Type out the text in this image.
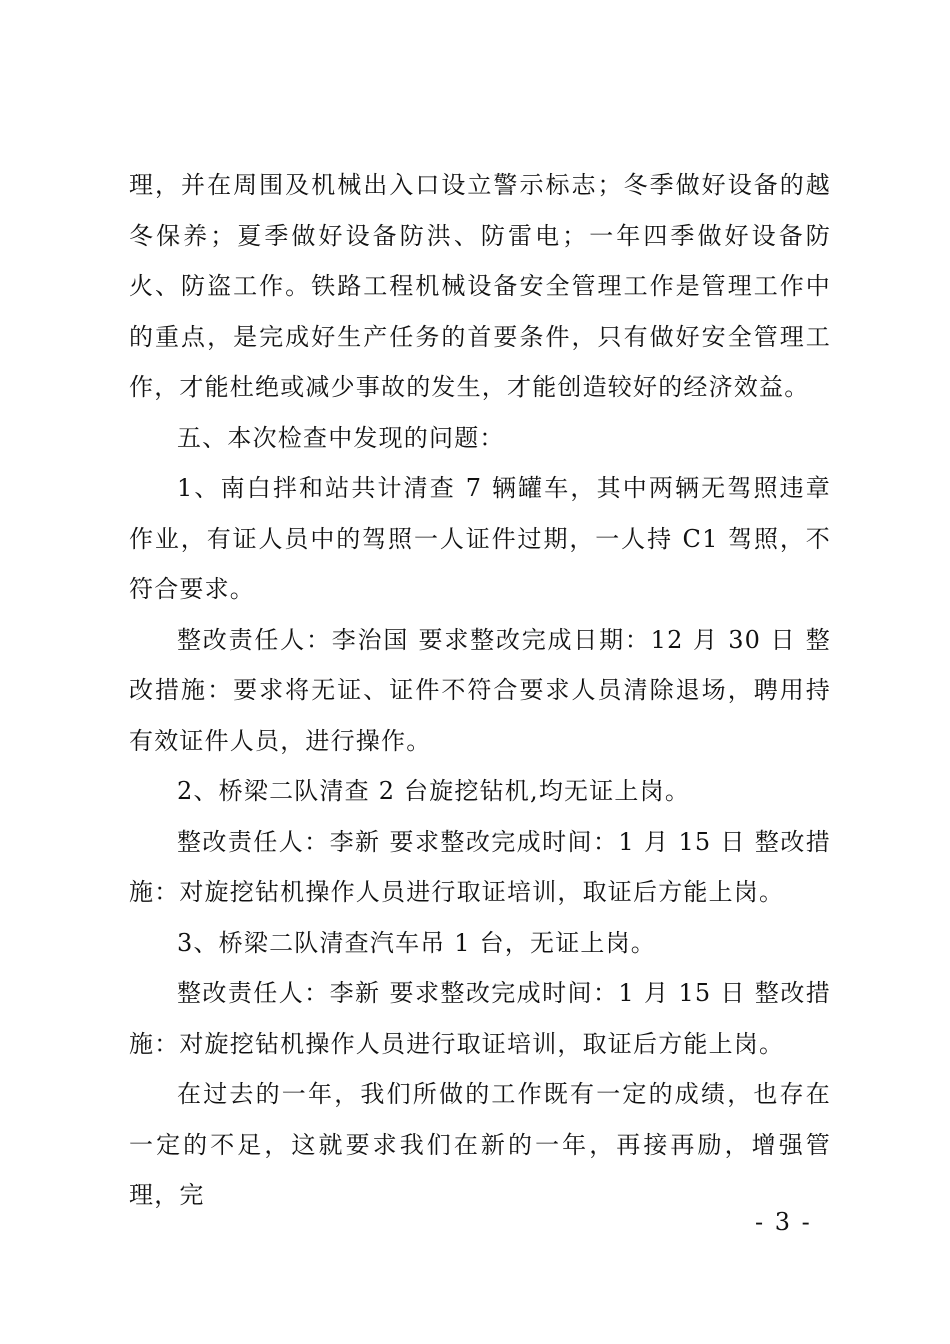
理，并在周围及机械出入口设立警示标志；冬季做好设备的越冬保养；夏季做好设备防洪、防雷电；一年四季做好设备防火、防盗工作。铁路工程机械设备安全管理工作是管理工作中的重点，是完成好生产任务的首要条件，只有做好安全管理工作，才能杜绝或减少事故的发生，才能创造较好的经济效益。

五、本次检查中发现的问题：

1、南白拌和站共计清查 7 辆罐车，其中两辆无驾照违章作业，有证人员中的驾照一人证件过期，一人持 C1 驾照，不符合要求。

整改责任人：李治国 要求整改完成日期：12 月 30 日 整改措施：要求将无证、证件不符合要求人员清除退场，聘用持有效证件人员，进行操作。

2、桥梁二队清查 2 台旋挖钻机,均无证上岗。

整改责任人：李新 要求整改完成时间：1 月 15 日 整改措施：对旋挖钻机操作人员进行取证培训，取证后方能上岗。

3、桥梁二队清查汽车吊 1 台，无证上岗。

整改责任人：李新 要求整改完成时间：1 月 15 日 整改措施：对旋挖钻机操作人员进行取证培训，取证后方能上岗。

在过去的一年，我们所做的工作既有一定的成绩，也存在一定的不足，这就要求我们在新的一年，再接再励，增强管理，完

- 3 -
